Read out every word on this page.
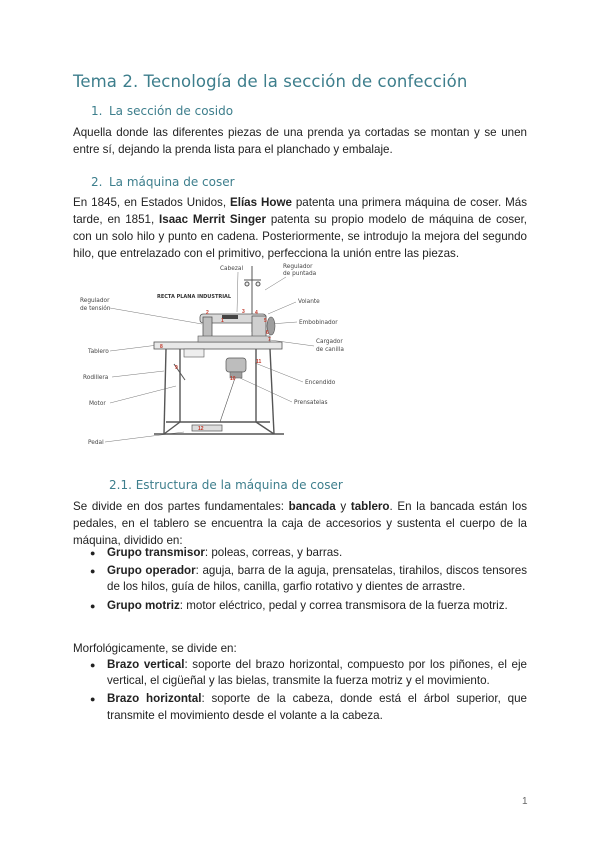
Tema 2. Tecnología de la sección de confección
1. La sección de cosido

Aquella donde las diferentes piezas de una prenda ya cortadas se montan y se unen entre sí, dejando la prenda lista para el planchado y embalaje.

2. La máquina de coser

En 1845, en Estados Unidos, Elías Howe patenta una primera máquina de coser. Más tarde, en 1851, Isaac Merrit Singer patenta su propio modelo de máquina de coser, con un solo hilo y punto en cadena. Posteriormente, se introdujo la mejora del segundo hilo, que entrelazado con el primitivo, perfecciona la unión entre las piezas.

Cabezal	Regulador
de puntada
Volante
Embobinador
Cargador
de canilla
Regulador
de tensión
Tablero
Rodillera
Motor
Encendido
Prensatelas
Pedal
RECTA PLANA INDUSTRIAL
1
2	3 4
5
6
7
8
9
10
11
12
2.1. Estructura de la máquina de coser

Se divide en dos partes fundamentales: bancada y tablero. En la bancada están los pedales, en el tablero se encuentra la caja de accesorios y sustenta el cuerpo de la máquina, dividido en:

● Grupo transmisor: poleas, correas, y barras.
● Grupo operador: aguja, barra de la aguja, prensatelas, tirahilos, discos tensores de los hilos, guía de hilos, canilla, garfio rotativo y dientes de arrastre.
● Grupo motriz: motor eléctrico, pedal y correa transmisora de la fuerza motriz.

Morfológicamente, se divide en:

● Brazo vertical: soporte del brazo horizontal, compuesto por los piñones, el eje vertical, el cigüeñal y las bielas, transmite la fuerza motriz y el movimiento.
● Brazo horizontal: soporte de la cabeza, donde está el árbol superior, que transmite el movimiento desde el volante a la cabeza.
1
